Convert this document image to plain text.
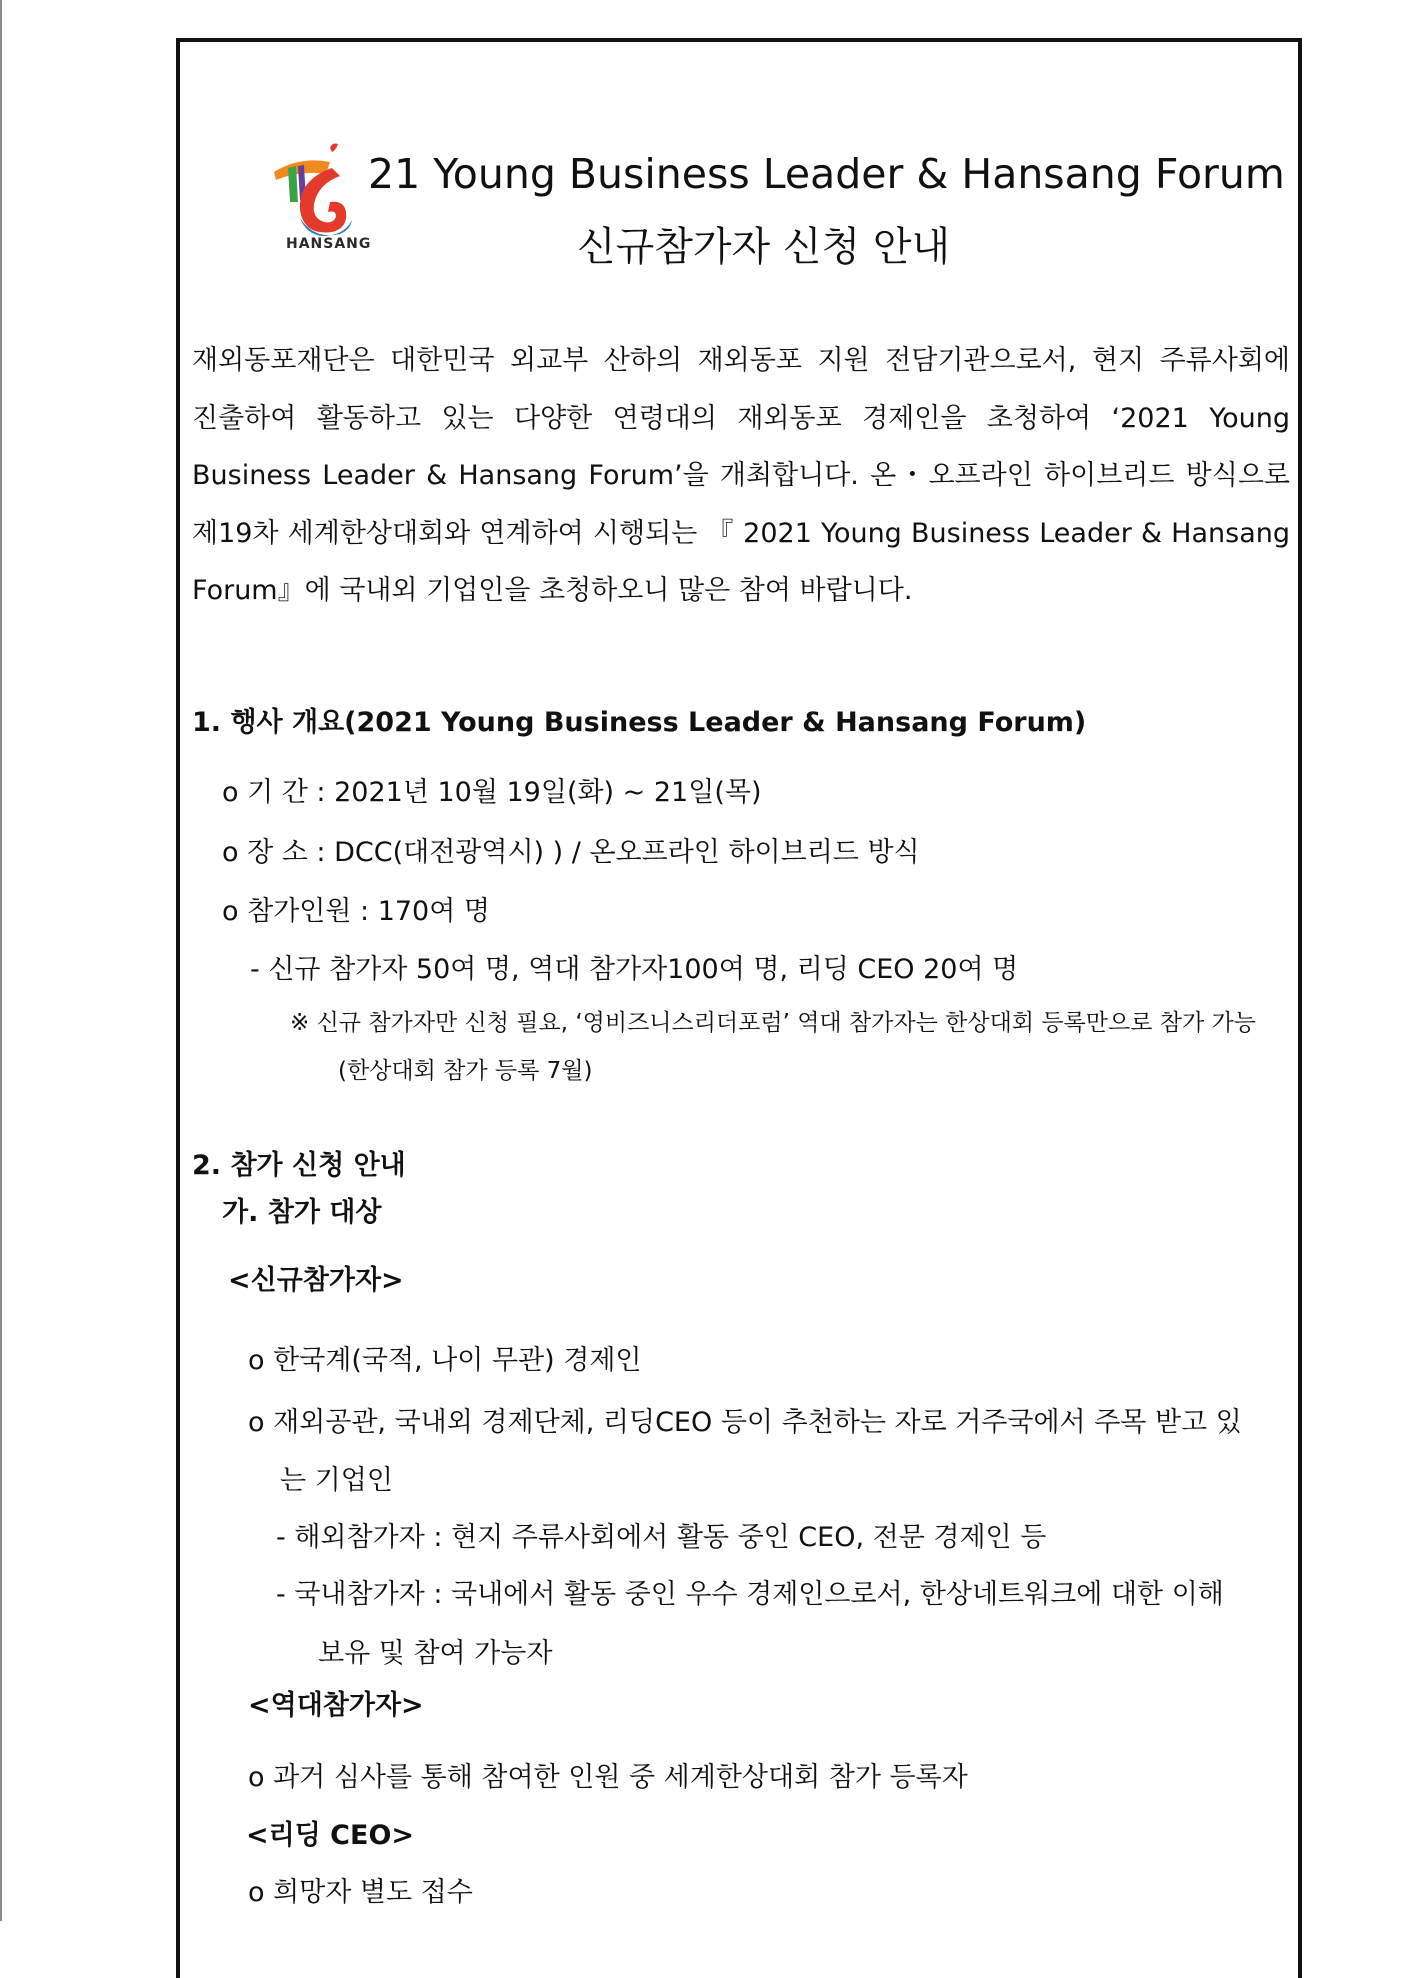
HANSANG
21 Young Business Leader & Hansang Forum
신규참가자 신청 안내
재외동포재단은 대한민국 외교부 산하의 재외동포 지원 전담기관으로서, 현지 주류사회에
진출하여 활동하고 있는 다양한 연령대의 재외동포 경제인을 초청하여 ‘2021 Young
Business Leader & Hansang Forum’을 개최합니다. 온・오프라인 하이브리드 방식으로
제19차 세계한상대회와 연계하여 시행되는 『 2021 Young Business Leader & Hansang
Forum』에 국내외 기업인을 초청하오니 많은 참여 바랍니다.
1. 행사 개요(2021 Young Business Leader & Hansang Forum)
o 기 간 : 2021년 10월 19일(화) ~ 21일(목)
o 장 소 : DCC(대전광역시) ) / 온오프라인 하이브리드 방식
o 참가인원 : 170여 명
- 신규 참가자 50여 명, 역대 참가자100여 명, 리딩 CEO 20여 명
※ 신규 참가자만 신청 필요, ‘영비즈니스리더포럼’ 역대 참가자는 한상대회 등록만으로 참가 가능
(한상대회 참가 등록 7월)
2. 참가 신청 안내
가. 참가 대상
<신규참가자>
o 한국계(국적, 나이 무관) 경제인
o 재외공관, 국내외 경제단체, 리딩CEO 등이 추천하는 자로 거주국에서 주목 받고 있
는 기업인
- 해외참가자 : 현지 주류사회에서 활동 중인 CEO, 전문 경제인 등
- 국내참가자 : 국내에서 활동 중인 우수 경제인으로서, 한상네트워크에 대한 이해
보유 및 참여 가능자
<역대참가자>
o 과거 심사를 통해 참여한 인원 중 세계한상대회 참가 등록자
<리딩 CEO>
o 희망자 별도 접수
